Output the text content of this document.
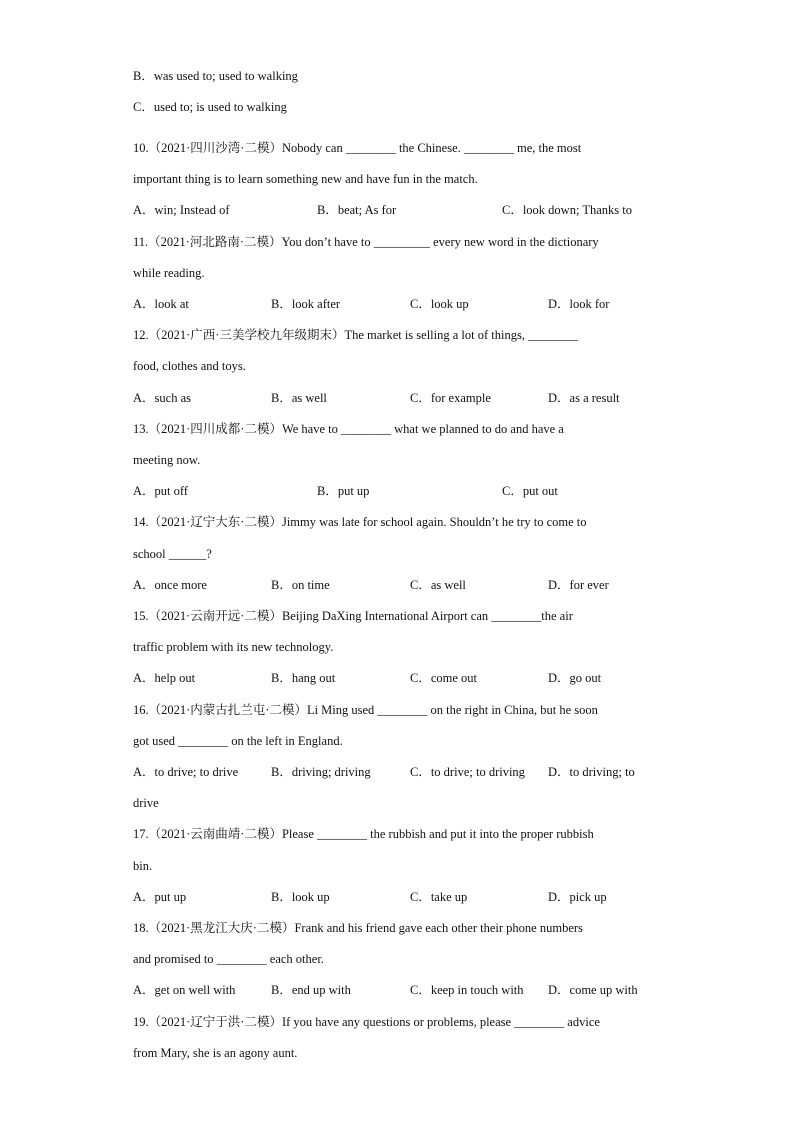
B．was used to; used to walking
C．used to; is used to walking
10.（2021·四川沙湾·二模）Nobody can ________ the Chinese. ________ me, the most
important thing is to learn something new and have fun in the match.
A．win; Instead of	B．beat; As for	C．look down; Thanks to
11.（2021·河北路南·二模）You don’t have to _________ every new word in the dictionary
while reading.
A．look at	B．look after	C．look up	D．look for
12.（2021·广西·三美学校九年级期末）The market is selling a lot of things, ________
food, clothes and toys.
A．such as	B．as well	C．for example	D．as a result
13.（2021·四川成都·二模）We have to ________ what we planned to do and have a
meeting now.
A．put off	B．put up	C．put out
14.（2021·辽宁大东·二模）Jimmy was late for school again. Shouldn’t he try to come to
school ______?
A．once more	B．on time	C．as well	D．for ever
15.（2021·云南开远·二模）Beijing DaXing International Airport can ________the air
traffic problem with its new technology.
A．help out	B．hang out	C．come out	D．go out
16.（2021·内蒙古扎兰屯·二模）Li Ming used ________ on the right in China, but he soon
got used ________ on the left in England.
A．to drive; to drive	B．driving; driving	C．to drive; to driving D．to driving; to
drive
17.（2021·云南曲靖·二模）Please ________ the rubbish and put it into the proper rubbish
bin.
A．put up	B．look up	C．take up	D．pick up
18.（2021·黑龙江大庆·二模）Frank and his friend gave each other their phone numbers
and promised to ________ each other.
A．get on well with	B．end up with	C．keep in touch with D．come up with
19.（2021·辽宁于洪·二模）If you have any questions or problems, please ________ advice
from Mary, she is an agony aunt.
